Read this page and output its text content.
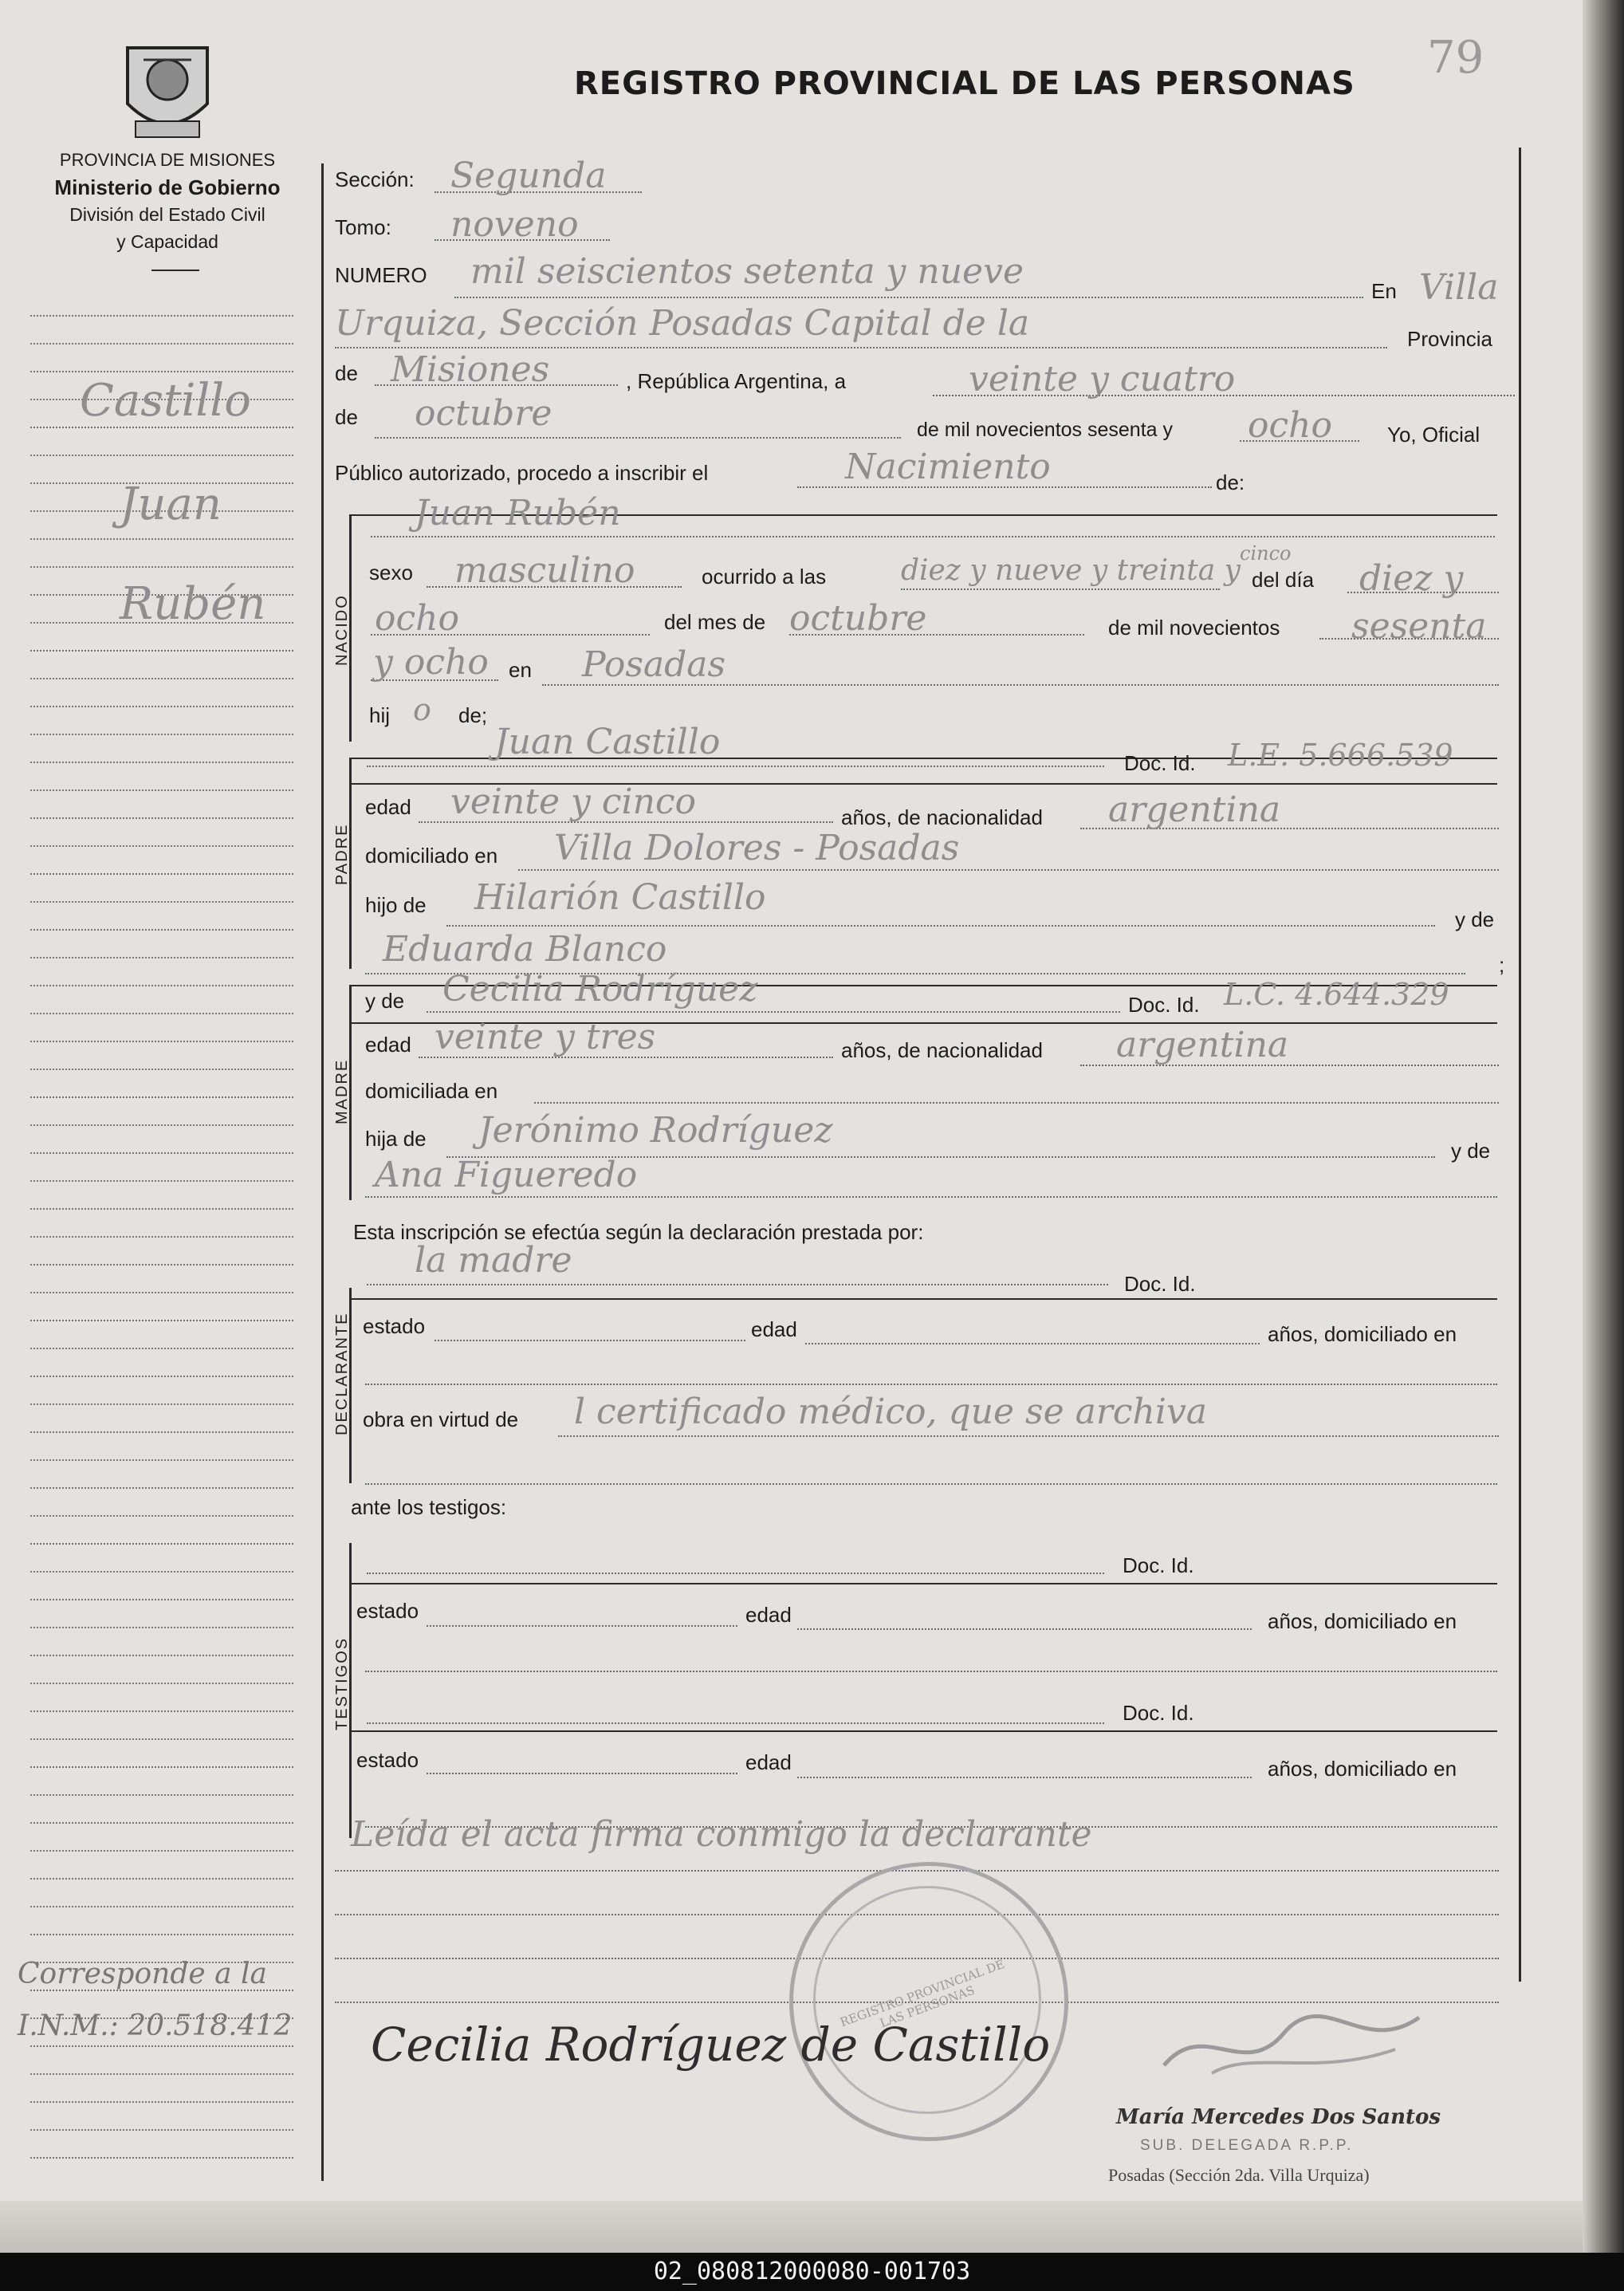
79
PROVINCIA DE MISIONES
Ministerio de Gobierno
División del Estado Civil
y Capacidad
REGISTRO PROVINCIAL DE LAS PERSONAS
Castillo
Juan
Rubén
Corresponde a la
I.N.M.: 20.518.412
Sección: Segunda
Tomo: noveno
NUMERO mil seiscientos setenta y nueve	En Villa
Urquiza, Sección Posadas Capital de la	Provincia
de Misiones	, República Argentina, a	veinte y cuatro
de octubre	de mil novecientos sesenta y ocho	Yo, Oficial
Público autorizado, procedo a inscribir el	Nacimiento	de:
NACIDO
Juan Rubén
sexo masculino	ocurrido a las	diez y nueve y treinta y
cinco
del día diez y
ocho	del mes de octubre	de mil novecientos sesenta
y ocho en Posadas
hij o de;
PADRE
Juan Castillo
Doc. Id. L.E. 5.666.539
edad veinte y cinco	años, de nacionalidad argentina
domiciliado en Villa Dolores - Posadas
hijo de Hilarión Castillo
y de
Eduarda Blanco	;
MADRE
y de Cecilia Rodríguez	Doc. Id. L.C. 4.644.329
edad veinte y tres	años, de nacionalidad argentina
domiciliada en
hija de Jerónimo Rodríguez	y de
Ana Figueredo
Esta inscripción se efectúa según la declaración prestada por:
DECLARANTE
la madre
Doc. Id.
estado	edad	años, domiciliado en
obra en virtud de l certificado médico, que se archiva
ante los testigos:
TESTIGOS
Doc. Id.
estado	edad	años, domiciliado en
Doc. Id.
estado	edad	años, domiciliado en
Leída el acta firma conmigo la declarante
REGISTRO PROVINCIAL DE LAS PERSONAS
Cecilia Rodríguez de Castillo
María Mercedes Dos Santos
SUB. DELEGADA R.P.P.
Posadas (Sección 2da. Villa Urquiza)
02_080812000080-001703
